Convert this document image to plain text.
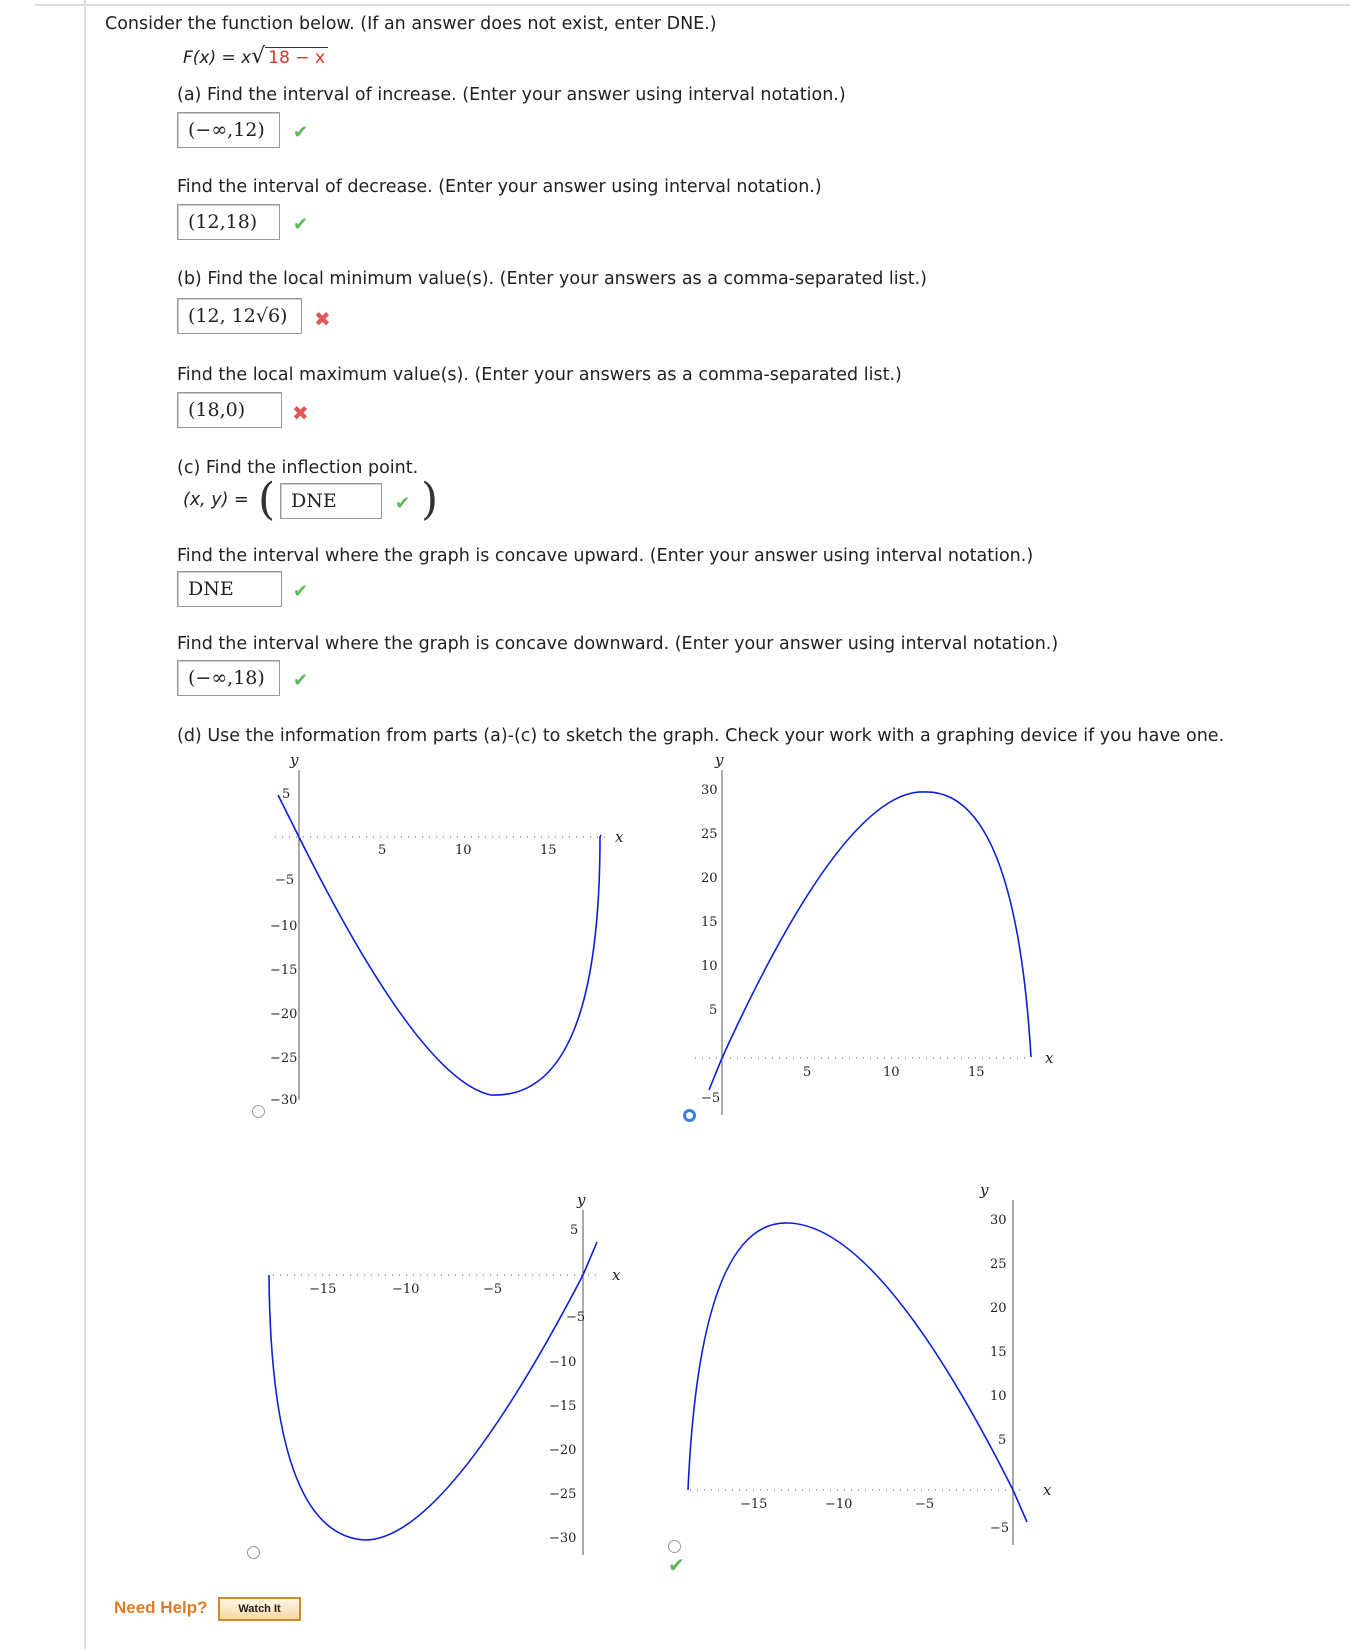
Consider the function below. (If an answer does not exist, enter DNE.)
F(x) = x√ 18 − x
(a) Find the interval of increase. (Enter your answer using interval notation.)
(−∞,12)	✔
Find the interval of decrease. (Enter your answer using interval notation.)
(12,18)	✔
(b) Find the local minimum value(s). (Enter your answers as a comma-separated list.)
(12, 12√6)	✖
Find the local maximum value(s). (Enter your answers as a comma-separated list.)
(18,0)	✖
(c) Find the inflection point.
(x, y) = ( DNE	✔ )
Find the interval where the graph is concave upward. (Enter your answer using interval notation.)
DNE	✔
Find the interval where the graph is concave downward. (Enter your answer using interval notation.)
(−∞,18)	✔
(d) Use the information from parts (a)-(c) to sketch the graph. Check your work with a graphing device if you have one.
y
x
5	10	15
5
−5
−10
−15
−20
−25
−30
y
x
5	10	15
30
25
20
15
10
5
−5
y
x
−15	−10	−5
5
−5
−10
−15
−20
−25
−30
y
x
−15	−10	−5
30
25
20
15
10
5
−5
✔
Need Help?	Watch It
